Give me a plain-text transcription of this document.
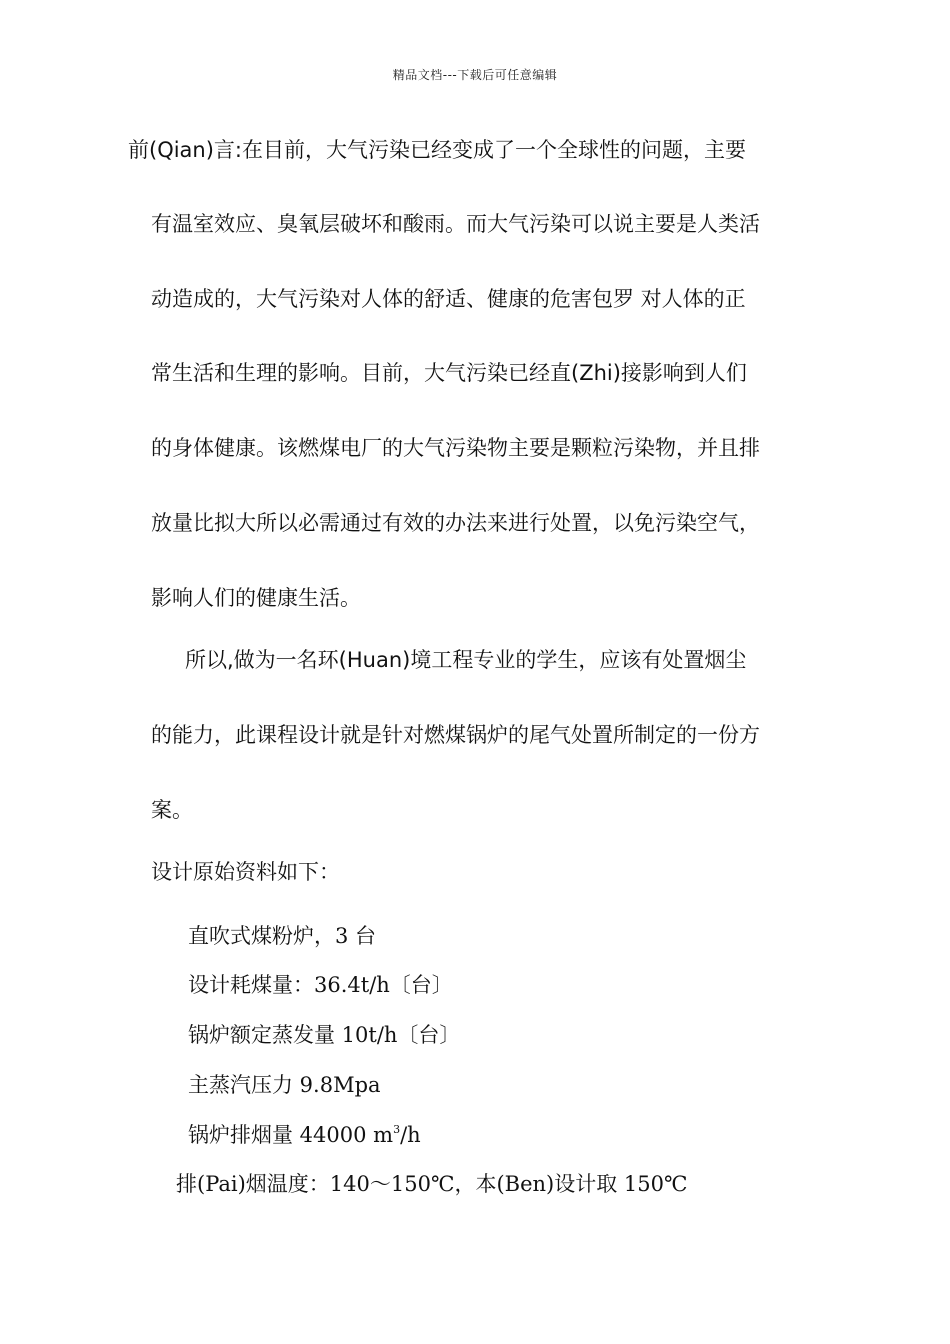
精品文档---下载后可任意编辑
前(Qian)言:在目前，大气污染已经变成了一个全球性的问题，主要
有温室效应、臭氧层破坏和酸雨。而大气污染可以说主要是人类活
动造成的，大气污染对人体的舒适、健康的危害包罗 对人体的正
常生活和生理的影响。目前，大气污染已经直(Zhi)接影响到人们
的身体健康。该燃煤电厂的大气污染物主要是颗粒污染物，并且排
放量比拟大所以必需通过有效的办法来进行处置，以免污染空气，
影响人们的健康生活。
所以,做为一名环(Huan)境工程专业的学生，应该有处置烟尘
的能力，此课程设计就是针对燃煤锅炉的尾气处置所制定的一份方
案。
设计原始资料如下：
直吹式煤粉炉，3 台
设计耗煤量：36.4t/h〔台〕
锅炉额定蒸发量 10t/h〔台〕
主蒸汽压力 9.8Mpa
锅炉排烟量 44000 $m^3/h$
排(Pai)烟温度：140～150℃，本(Ben)设计取 150℃
